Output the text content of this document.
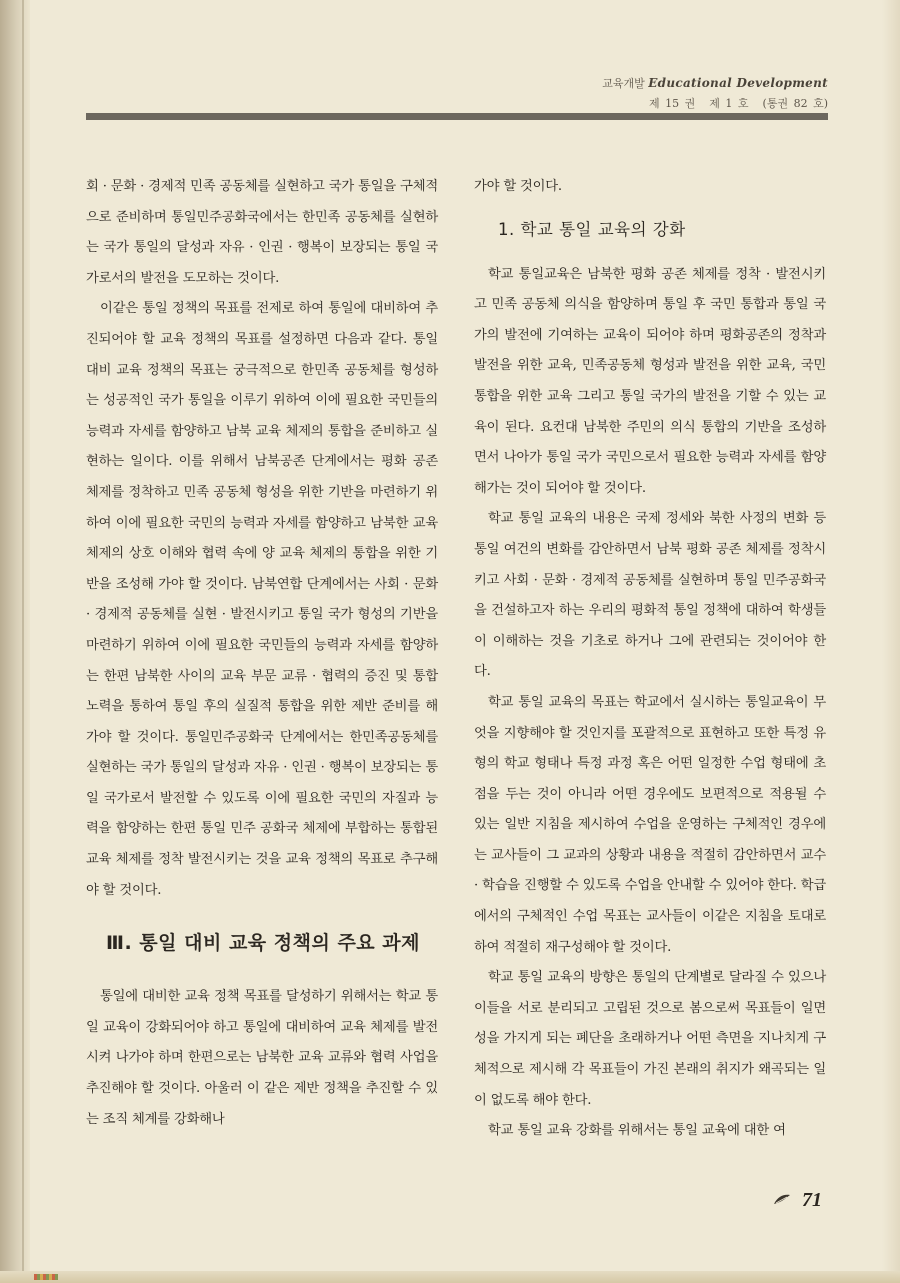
교육개발 Educational Development
제 15 권 제 1 호 (통권 82 호)

회 · 문화 · 경제적 민족 공동체를 실현하고 국가 통일을 구체적으로 준비하며 통일민주공화국에서는 한민족 공동체를 실현하는 국가 통일의 달성과 자유 · 인권 · 행복이 보장되는 통일 국가로서의 발전을 도모하는 것이다.

이같은 통일 정책의 목표를 전제로 하여 통일에 대비하여 추진되어야 할 교육 정책의 목표를 설정하면 다음과 같다. 통일 대비 교육 정책의 목표는 궁극적으로 한민족 공동체를 형성하는 성공적인 국가 통일을 이루기 위하여 이에 필요한 국민들의 능력과 자세를 함양하고 남북 교육 체제의 통합을 준비하고 실현하는 일이다. 이를 위해서 남북공존 단계에서는 평화 공존 체제를 정착하고 민족 공동체 형성을 위한 기반을 마련하기 위하여 이에 필요한 국민의 능력과 자세를 함양하고 남북한 교육 체제의 상호 이해와 협력 속에 양 교육 체제의 통합을 위한 기반을 조성해 가야 할 것이다. 남북연합 단계에서는 사회 · 문화 · 경제적 공동체를 실현 · 발전시키고 통일 국가 형성의 기반을 마련하기 위하여 이에 필요한 국민들의 능력과 자세를 함양하는 한편 남북한 사이의 교육 부문 교류 · 협력의 증진 및 통합 노력을 통하여 통일 후의 실질적 통합을 위한 제반 준비를 해가야 할 것이다. 통일민주공화국 단계에서는 한민족공동체를 실현하는 국가 통일의 달성과 자유 · 인권 · 행복이 보장되는 통일 국가로서 발전할 수 있도록 이에 필요한 국민의 자질과 능력을 함양하는 한편 통일 민주 공화국 체제에 부합하는 통합된 교육 체제를 정착 발전시키는 것을 교육 정책의 목표로 추구해야 할 것이다.

Ⅲ. 통일 대비 교육 정책의 주요 과제

통일에 대비한 교육 정책 목표를 달성하기 위해서는 학교 통일 교육이 강화되어야 하고 통일에 대비하여 교육 체제를 발전시켜 나가야 하며 한편으로는 남북한 교육 교류와 협력 사업을 추진해야 할 것이다. 아울러 이 같은 제반 정책을 추진할 수 있는 조직 체계를 강화해나

가야 할 것이다.

1. 학교 통일 교육의 강화

학교 통일교육은 남북한 평화 공존 체제를 정착 · 발전시키고 민족 공동체 의식을 함양하며 통일 후 국민 통합과 통일 국가의 발전에 기여하는 교육이 되어야 하며 평화공존의 정착과 발전을 위한 교육, 민족공동체 형성과 발전을 위한 교육, 국민 통합을 위한 교육 그리고 통일 국가의 발전을 기할 수 있는 교육이 된다. 요컨대 남북한 주민의 의식 통합의 기반을 조성하면서 나아가 통일 국가 국민으로서 필요한 능력과 자세를 함양해가는 것이 되어야 할 것이다.

학교 통일 교육의 내용은 국제 정세와 북한 사정의 변화 등 통일 여건의 변화를 감안하면서 남북 평화 공존 체제를 정착시키고 사회 · 문화 · 경제적 공동체를 실현하며 통일 민주공화국을 건설하고자 하는 우리의 평화적 통일 정책에 대하여 학생들이 이해하는 것을 기초로 하거나 그에 관련되는 것이어야 한다.

학교 통일 교육의 목표는 학교에서 실시하는 통일교육이 무엇을 지향해야 할 것인지를 포괄적으로 표현하고 또한 특정 유형의 학교 형태나 특정 과정 혹은 어떤 일정한 수업 형태에 초점을 두는 것이 아니라 어떤 경우에도 보편적으로 적용될 수 있는 일반 지침을 제시하여 수업을 운영하는 구체적인 경우에는 교사들이 그 교과의 상황과 내용을 적절히 감안하면서 교수 · 학습을 진행할 수 있도록 수업을 안내할 수 있어야 한다. 학급에서의 구체적인 수업 목표는 교사들이 이같은 지침을 토대로 하여 적절히 재구성해야 할 것이다.

학교 통일 교육의 방향은 통일의 단계별로 달라질 수 있으나 이들을 서로 분리되고 고립된 것으로 봄으로써 목표들이 일면성을 가지게 되는 폐단을 초래하거나 어떤 측면을 지나치게 구체적으로 제시해 각 목표들이 가진 본래의 취지가 왜곡되는 일이 없도록 해야 한다.

학교 통일 교육 강화를 위해서는 통일 교육에 대한 여

71
